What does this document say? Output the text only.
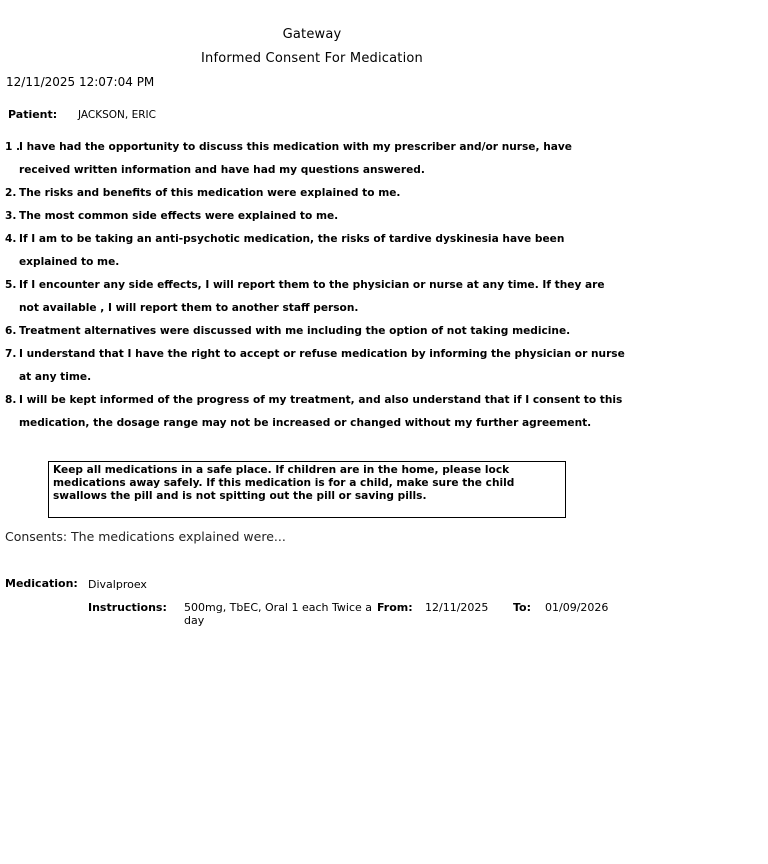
Gateway
Informed Consent For Medication
12/11/2025 12:07:04 PM
Patient: JACKSON, ERIC
1 .
I have had the opportunity to discuss this medication with my prescriber and/or nurse, have received written information and have had my questions answered.
2. The risks and benefits of this medication were explained to me.
3. The most common side effects were explained to me.
4. If I am to be taking an anti-psychotic medication, the risks of tardive dyskinesia have been explained to me.
5. If I encounter any side effects, I will report them to the physician or nurse at any time. If they are not available , I will report them to another staff person.
6. Treatment alternatives were discussed with me including the option of not taking medicine.
7. I understand that I have the right to accept or refuse medication by informing the physician or nurse at any time.
8. I will be kept informed of the progress of my treatment, and also understand that if I consent to this medication, the dosage range may not be increased or changed without my further agreement.
Keep all medications in a safe place. If children are in the home, please lock medications away safely. If this medication is for a child, make sure the child swallows the pill and is not spitting out the pill or saving pills.
Consents: The medications explained were...
Medication: Divalproex
Instructions: 500mg, TbEC, Oral 1 each Twice a day
From: 12/11/2025 To: 01/09/2026
